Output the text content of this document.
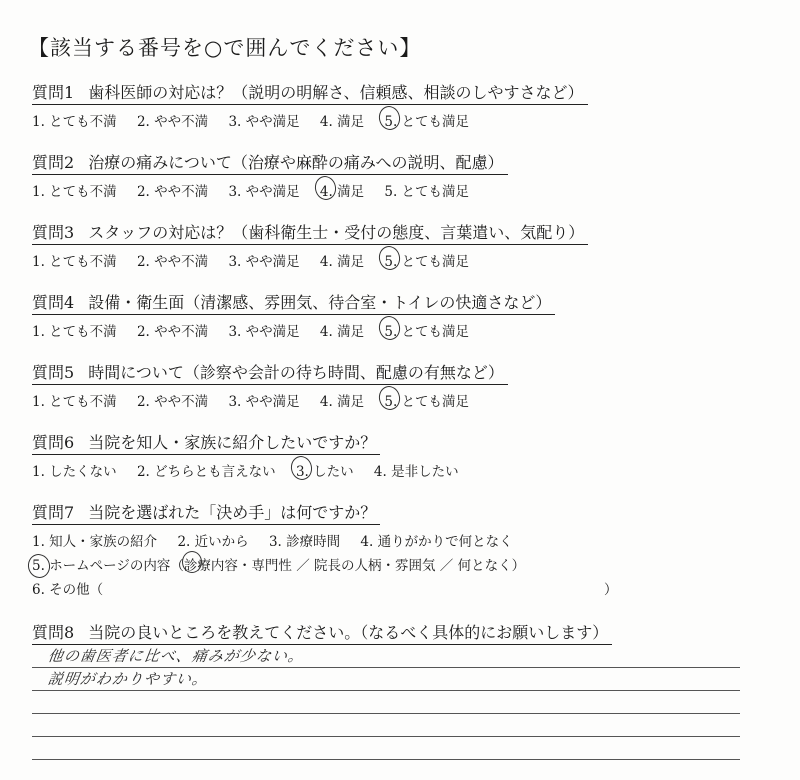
【該当する番号を○で囲んでください】
質問1 歯科医師の対応は？（説明の明解さ、信頼感、相談のしやすさなど）
1. とても不満 2. やや不満 3. やや満足 4. 満足 5. とても満足
質問2 治療の痛みについて（治療や麻酔の痛みへの説明、配慮）
1. とても不満 2. やや不満 3. やや満足 4. 満足 5. とても満足
質問3 スタッフの対応は？（歯科衛生士・受付の態度、言葉遣い、気配り）
1. とても不満 2. やや不満 3. やや満足 4. 満足 5. とても満足
質問4 設備・衛生面（清潔感、雰囲気、待合室・トイレの快適さなど）
1. とても不満 2. やや不満 3. やや満足 4. 満足 5. とても満足
質問5 時間について（診察や会計の待ち時間、配慮の有無など）
1. とても不満 2. やや不満 3. やや満足 4. 満足 5. とても満足
質問6 当院を知人・家族に紹介したいですか？
1. したくない 2. どちらとも言えない 3. したい 4. 是非したい
質問7 当院を選ばれた「決め手」は何ですか？
1. 知人・家族の紹介 2. 近いから 3. 診療時間 4. 通りがかりで何となく
5. ホームページの内容（診療内容・専門性 ／ 院長の人柄・雰囲気 ／ 何となく）
6. その他（	）
質問8 当院の良いところを教えてください。（なるべく具体的にお願いします）
他の歯医者に比べ、痛みが少ない。
説明がわかりやすい。
